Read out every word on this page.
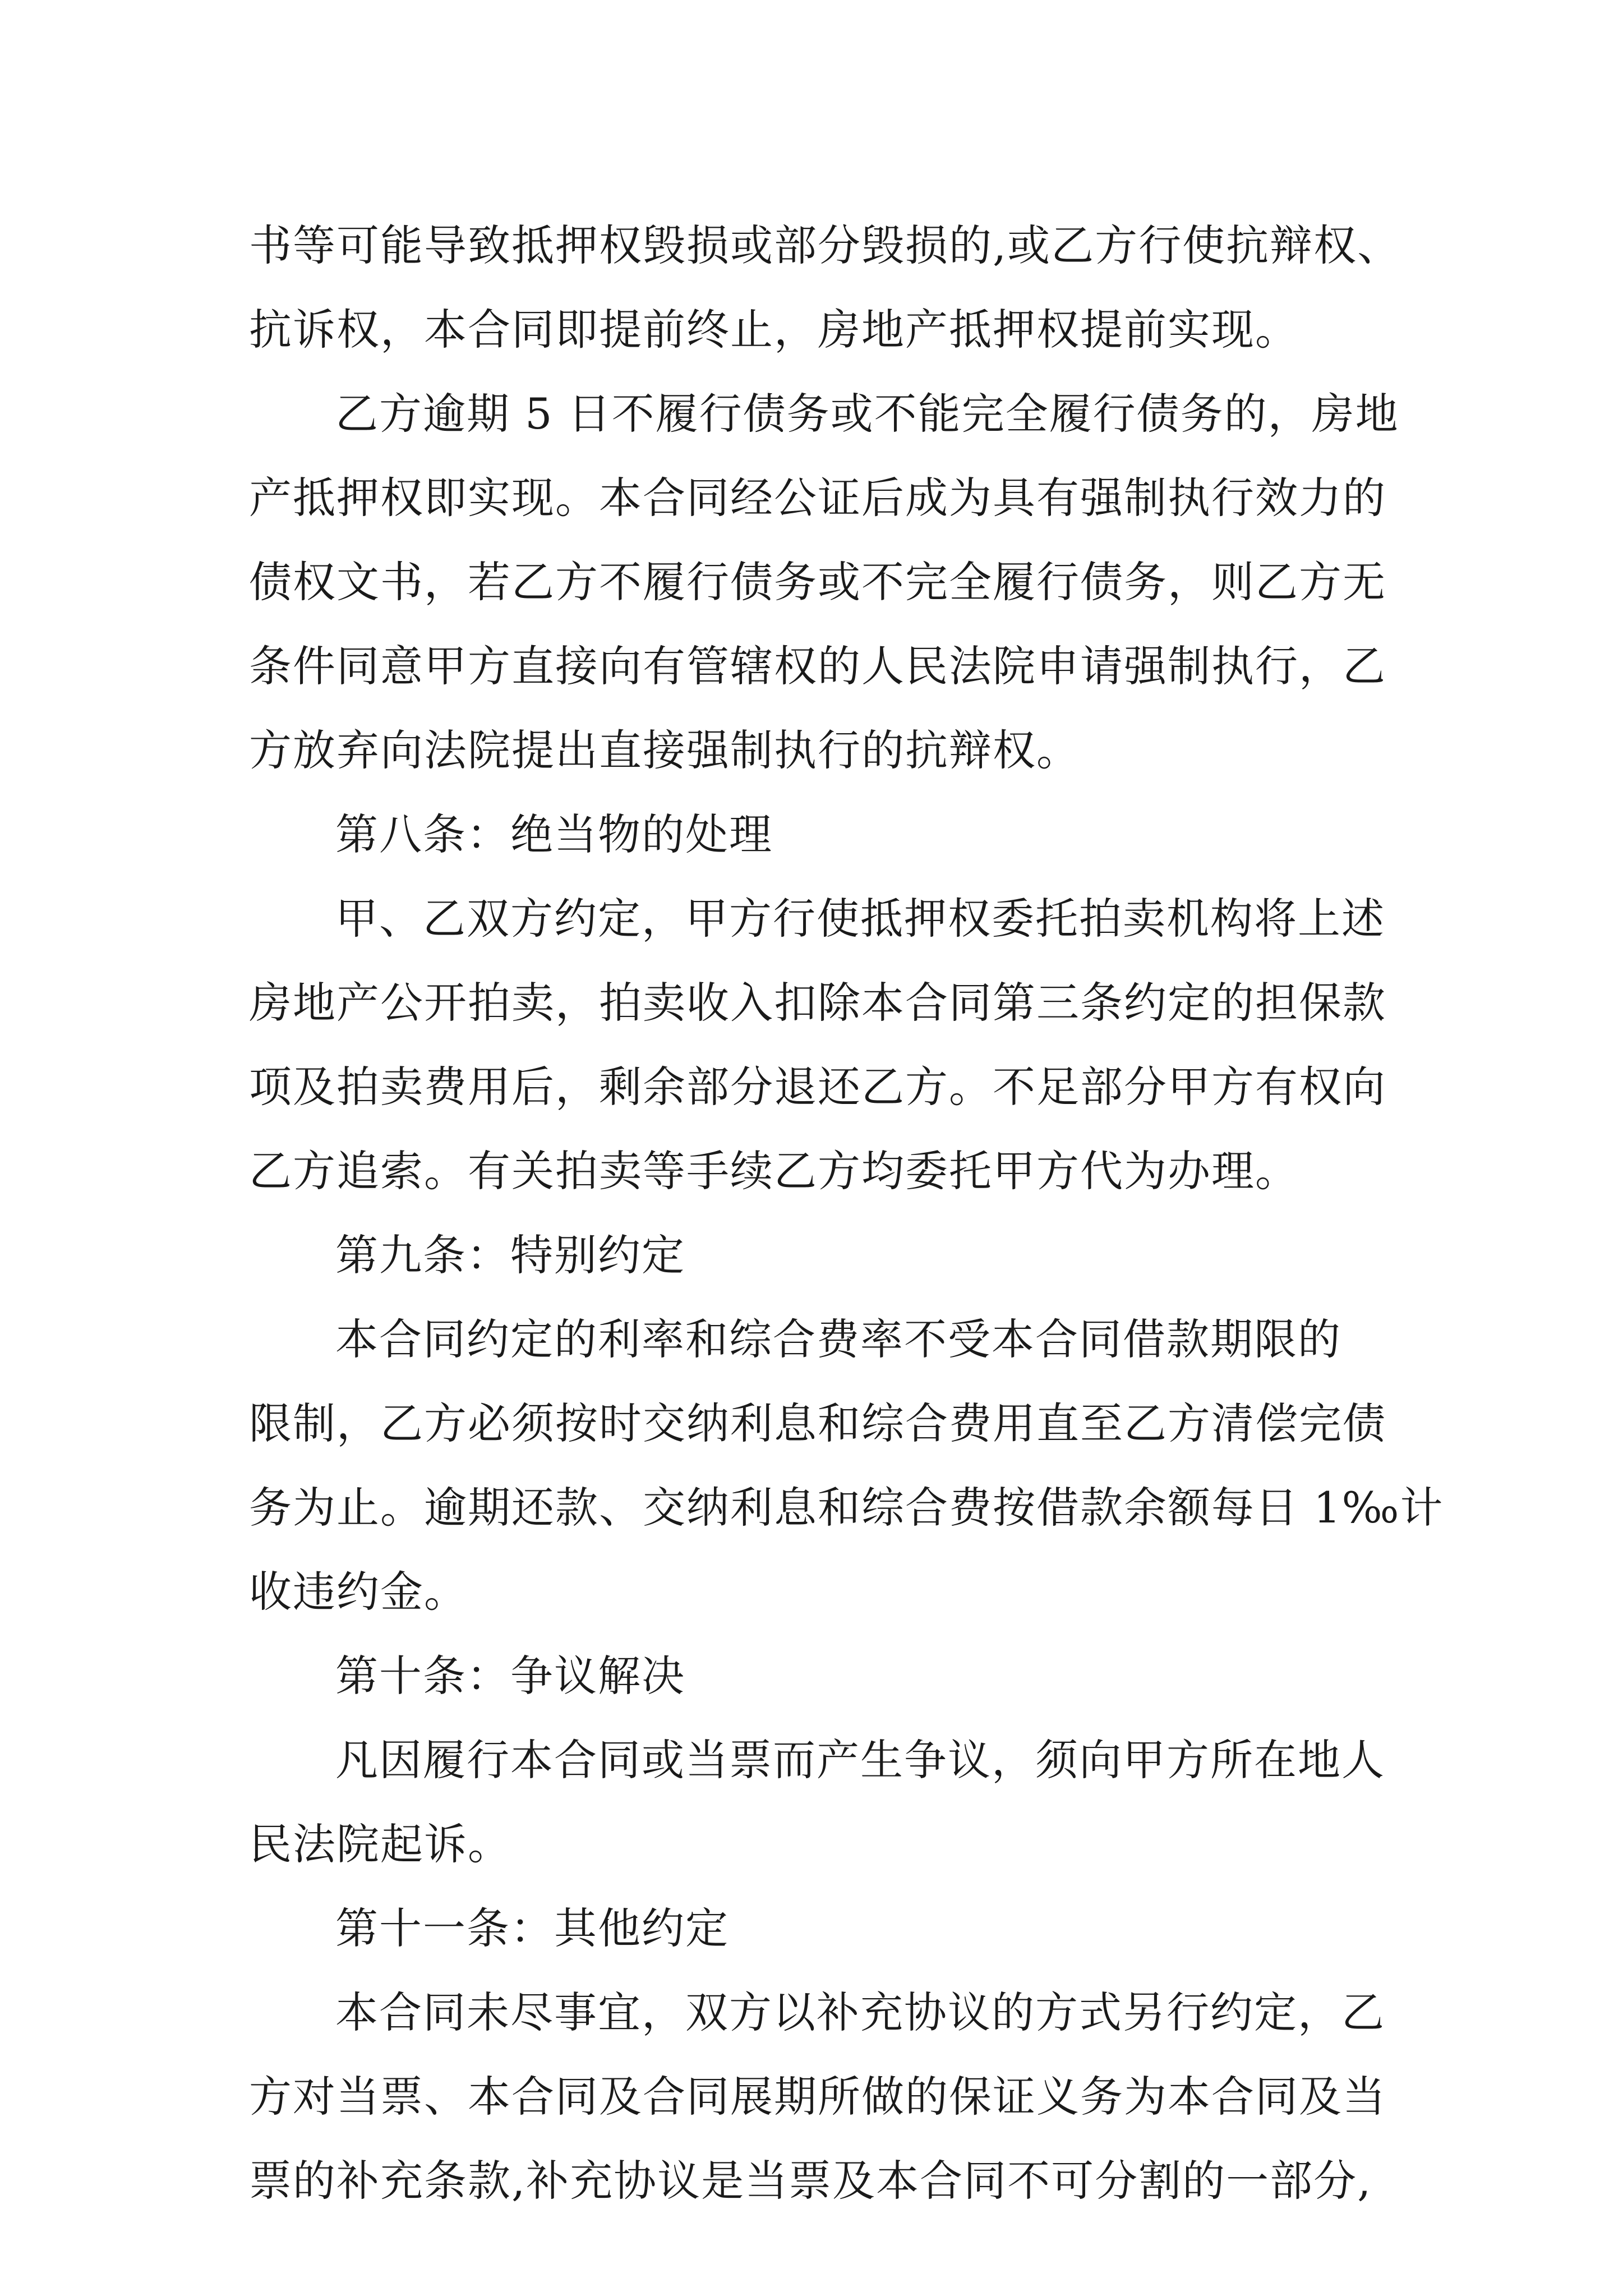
书等可能导致抵押权毁损或部分毁损的,或乙方行使抗辩权、
抗诉权，本合同即提前终止，房地产抵押权提前实现。
乙方逾期 5 日不履行债务或不能完全履行债务的，房地
产抵押权即实现。本合同经公证后成为具有强制执行效力的
债权文书，若乙方不履行债务或不完全履行债务，则乙方无
条件同意甲方直接向有管辖权的人民法院申请强制执行，乙
方放弃向法院提出直接强制执行的抗辩权。
第八条：绝当物的处理
甲、乙双方约定，甲方行使抵押权委托拍卖机构将上述
房地产公开拍卖，拍卖收入扣除本合同第三条约定的担保款
项及拍卖费用后，剩余部分退还乙方。不足部分甲方有权向
乙方追索。有关拍卖等手续乙方均委托甲方代为办理。
第九条：特别约定
本合同约定的利率和综合费率不受本合同借款期限的
限制，乙方必须按时交纳利息和综合费用直至乙方清偿完债
务为止。逾期还款、交纳利息和综合费按借款余额每日 1‰计
收违约金。
第十条：争议解决
凡因履行本合同或当票而产生争议，须向甲方所在地人
民法院起诉。
第十一条：其他约定
本合同未尽事宜，双方以补充协议的方式另行约定，乙
方对当票、本合同及合同展期所做的保证义务为本合同及当
票的补充条款,补充协议是当票及本合同不可分割的一部分,
